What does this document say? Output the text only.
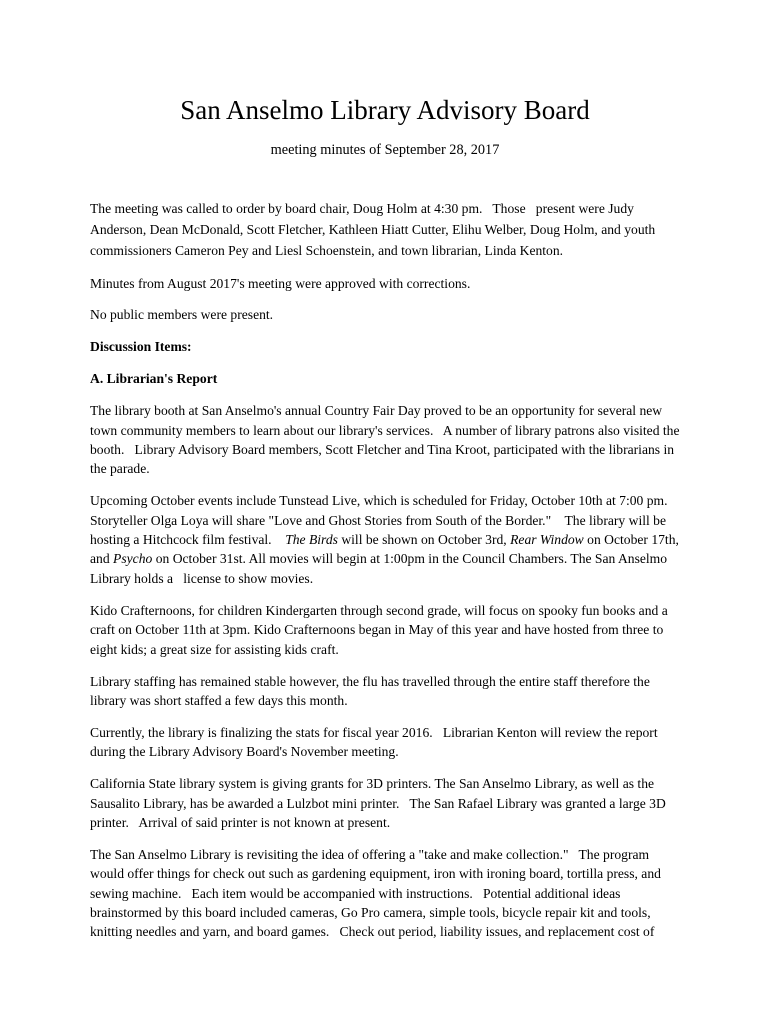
San Anselmo Library Advisory Board

meeting minutes of September 28, 2017

The meeting was called to order by board chair, Doug Holm at 4:30 pm.   Those   present were Judy Anderson, Dean McDonald, Scott Fletcher, Kathleen Hiatt Cutter, Elihu Welber, Doug Holm, and youth commissioners Cameron Pey and Liesl Schoenstein, and town librarian, Linda Kenton.

Minutes from August 2017's meeting were approved with corrections.

No public members were present.

Discussion Items:

A. Librarian's Report

The library booth at San Anselmo's annual Country Fair Day proved to be an opportunity for several new town community members to learn about our library's services.   A number of library patrons also visited the booth.   Library Advisory Board members, Scott Fletcher and Tina Kroot, participated with the librarians in the parade.

Upcoming October events include Tunstead Live, which is scheduled for Friday, October 10th at 7:00 pm.   Storyteller Olga Loya will share "Love and Ghost Stories from South of the Border."    The library will be hosting a Hitchcock film festival.    The Birds will be shown on October 3rd, Rear Window on October 17th, and Psycho on October 31st. All movies will begin at 1:00pm in the Council Chambers. The San Anselmo Library holds a   license to show movies.

Kido Crafternoons, for children Kindergarten through second grade, will focus on spooky fun books and a craft on October 11th at 3pm. Kido Crafternoons began in May of this year and have hosted from three to eight kids; a great size for assisting kids craft.

Library staffing has remained stable however, the flu has travelled through the entire staff therefore the library was short staffed a few days this month.

Currently, the library is finalizing the stats for fiscal year 2016.   Librarian Kenton will review the report during the Library Advisory Board's November meeting.

California State library system is giving grants for 3D printers. The San Anselmo Library, as well as the Sausalito Library, has be awarded a Lulzbot mini printer.   The San Rafael Library was granted a large 3D printer.   Arrival of said printer is not known at present.

The San Anselmo Library is revisiting the idea of offering a "take and make collection."   The program would offer things for check out such as gardening equipment, iron with ironing board, tortilla press, and sewing machine.   Each item would be accompanied with instructions.   Potential additional ideas brainstormed by this board included cameras, Go Pro camera, simple tools, bicycle repair kit and tools, knitting needles and yarn, and board games.   Check out period, liability issues, and replacement cost of
